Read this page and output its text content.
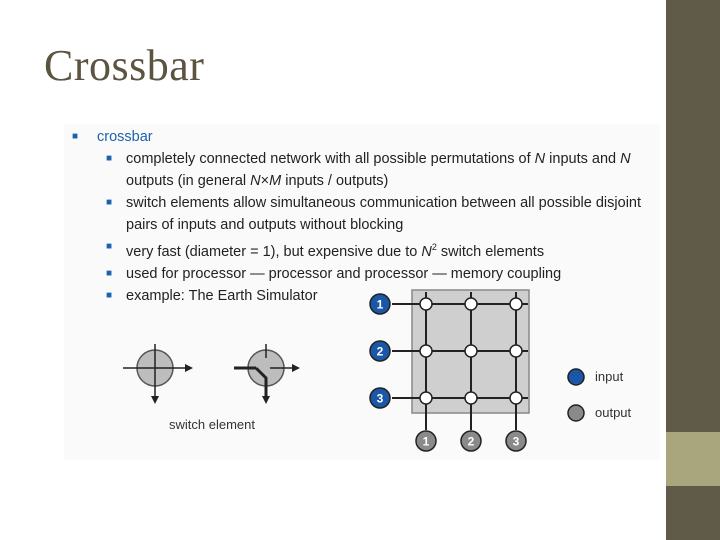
Crossbar
■ crossbar
■ completely connected network with all possible permutations of N inputs and N outputs (in general N×M inputs / outputs)
■ switch elements allow simultaneous communication between all possible disjoint pairs of inputs and outputs without blocking
■ very fast (diameter = 1), but expensive due to $N^2$ switch elements
■ used for processor — processor and processor — memory coupling
■ example: The Earth Simulator
switch element
1
2
3
1	2	3
input
output
